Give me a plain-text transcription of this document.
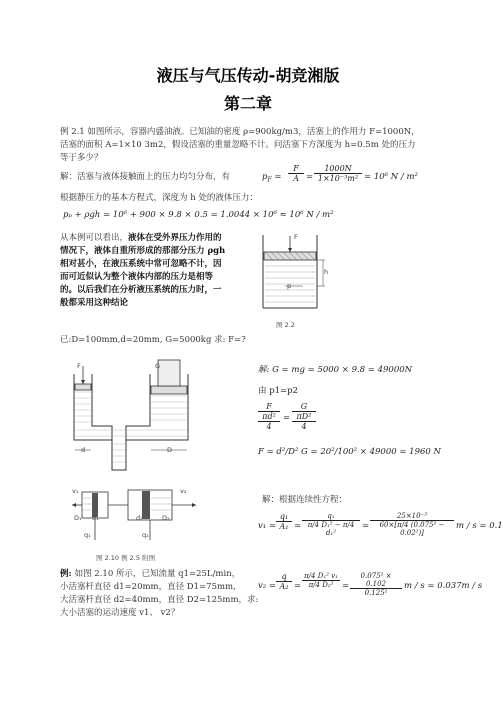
液压与气压传动-胡竞湘版
第二章
例 2.1 如图所示，容器内盛油液。已知油的密度 ρ=900kg/m3，活塞上的作用力 F=1000N，
活塞的面积 A=1×10 3m2，假设活塞的重量忽略不计。问活塞下方深度为 h=0.5m 处的压力
等于多少？
解：活塞与液体接触面上的压力均匀分布，有	$p_F = \frac{F}{A} = \frac{1000N}{\text{1×10⁻³m²}} = 10^6$ N / m²
根据静压力的基本方程式，深度为 h 处的液体压力：
pₚ + ρgh = 10⁶ + 900 × 9.8 × 0.5 = 1.0044 × 10⁶ ≈ 10⁶ N / m²
从本例可以看出，液体在受外界压力作用的
情况下，液体自重所形成的那部分压力 ρgh
相对甚小，在液压系统中常可忽略不计，因
而可近似认为整个液体内部的压力是相等
的。以后我们在分析液压系统的压力时，一
般都采用这种结论
F
p
h
图 2.2
已:D=100mm,d=20mm, G=5000kg 求: F=?
F	G
d	D
解: G = mg = 5000 × 9.8 = 49000N
由 p1=p2
F
πd²
4
=
G
πD²
4
F = d²/D² G = 20²/100² × 49000 = 1960 N
v₁	v₂
q₁	q₂
d₁	d₂
D₁	D₂
图 2.10 例 2.5 附图
例: 如图 2.10 所示，已知流量 q1=25L/min，
小活塞杆直径 d1=20mm，直径 D1=75mm,
大活塞杆直径 d2=40mm，直径 D2=125mm，求:
大小活塞的运动速度 v1、 v2？
解：根据连续性方程：
$v_1 = \frac{\text{q₁}}{\text{A₁}} = \frac{\text{q₁}}{\text{π/4 D₁² − π/4 d₁²}} = \frac{\text{25×10⁻³}}{\text{60×[π/4 (0.075² − 0.02²)]}}$ m / s = 0.1
$v_2 = \frac{q}{\text{A₂}} = \frac{\text{π/4 D₁² v₁}}{\text{π/4 D₂²}} = \frac{\text{0.075² × 0.102}}{\text{0.125²}}$ m / s = 0.037m / s
